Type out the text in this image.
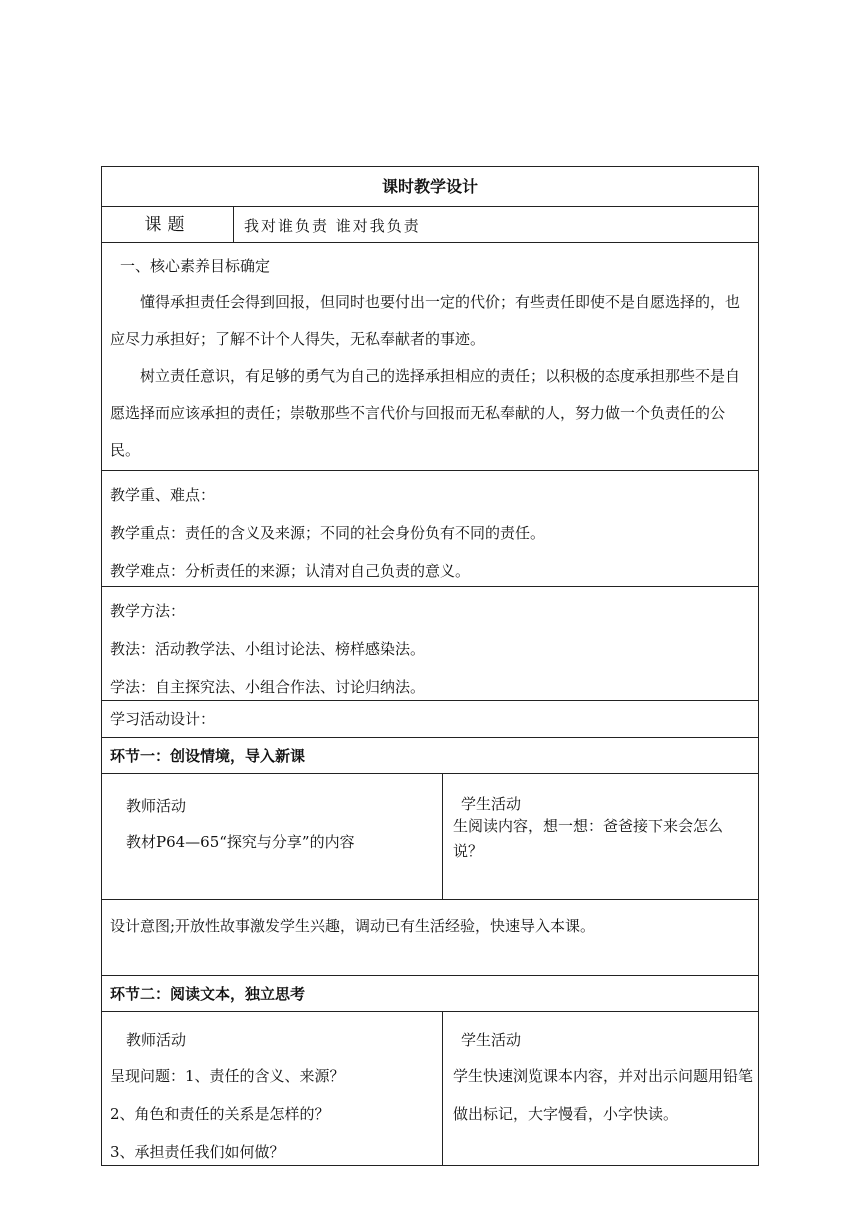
课时教学设计
课题	我对谁负责 谁对我负责

一、核心素养目标确定

懂得承担责任会得到回报，但同时也要付出一定的代价；有些责任即使不是自愿选择的，也应尽力承担好；了解不计个人得失，无私奉献者的事迹。

树立责任意识，有足够的勇气为自己的选择承担相应的责任；以积极的态度承担那些不是自愿选择而应该承担的责任；崇敬那些不言代价与回报而无私奉献的人，努力做一个负责任的公民。

教学重、难点：

教学重点：责任的含义及来源；不同的社会身份负有不同的责任。

教学难点：分析责任的来源；认清对自己负责的意义。

教学方法：

教法：活动教学法、小组讨论法、榜样感染法。

学法：自主探究法、小组合作法、讨论归纳法。

学习活动设计：

环节一：创设情境，导入新课

教师活动

教材P64—65“探究与分享”的内容

学生活动

生阅读内容，想一想：爸爸接下来会怎么说？

设计意图;开放性故事激发学生兴趣，调动已有生活经验，快速导入本课。

环节二：阅读文本，独立思考

教师活动

呈现问题：1、责任的含义、来源？

2、角色和责任的关系是怎样的？

3、承担责任我们如何做？

学生活动

学生快速浏览课本内容，并对出示问题用铅笔做出标记，大字慢看，小字快读。
